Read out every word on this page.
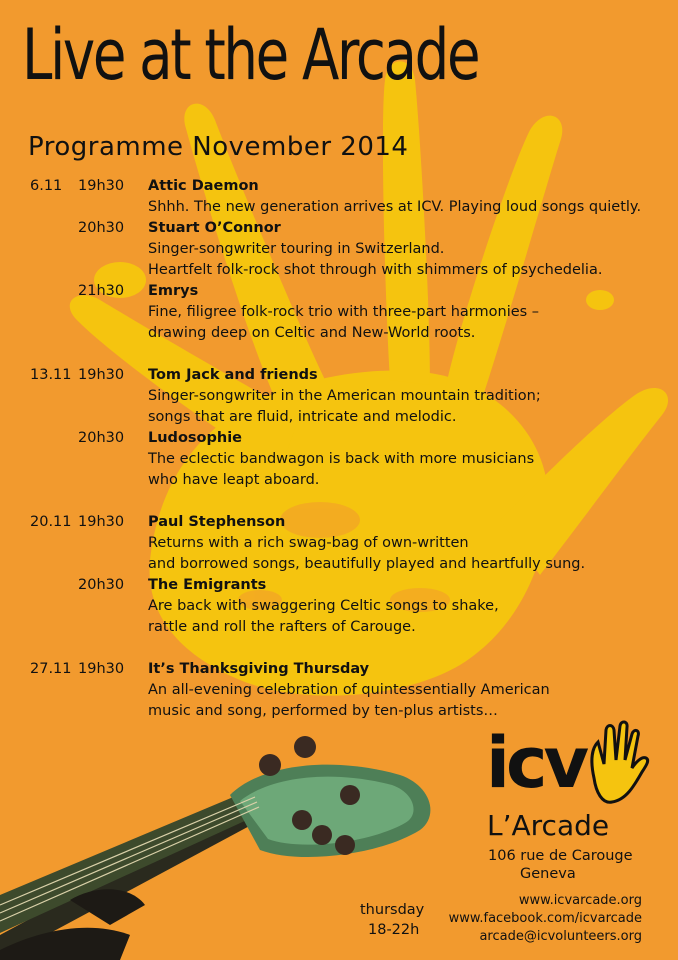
Live at the Arcade
Programme November 2014
6.11	19h30	Attic Daemon
Shhh. The new generation arrives at ICV. Playing loud songs quietly.
20h30	Stuart O’Connor
Singer-songwriter touring in Switzerland.
Heartfelt folk-rock shot through with shimmers of psychedelia.
21h30	Emrys
Fine, filigree folk-rock trio with three-part harmonies –
drawing deep on Celtic and New-World roots.
13.11 19h30	Tom Jack and friends
Singer-songwriter in the American mountain tradition;
songs that are fluid, intricate and melodic.
20h30	Ludosophie
The eclectic bandwagon is back with more musicians
who have leapt aboard.
20.11 19h30	Paul Stephenson
Returns with a rich swag-bag of own-written
and borrowed songs, beautifully played and heartfully sung.
20h30	The Emigrants
Are back with swaggering Celtic songs to shake,
rattle and roll the rafters of Carouge.
27.11 19h30	It’s Thanksgiving Thursday
An all-evening celebration of quintessentially American
music and song, performed by ten-plus artists…
icv
L’Arcade
106 rue de Carouge
Geneva
thursday
18-22h
www.icvarcade.org
www.facebook.com/icvarcade
arcade@icvolunteers.org
